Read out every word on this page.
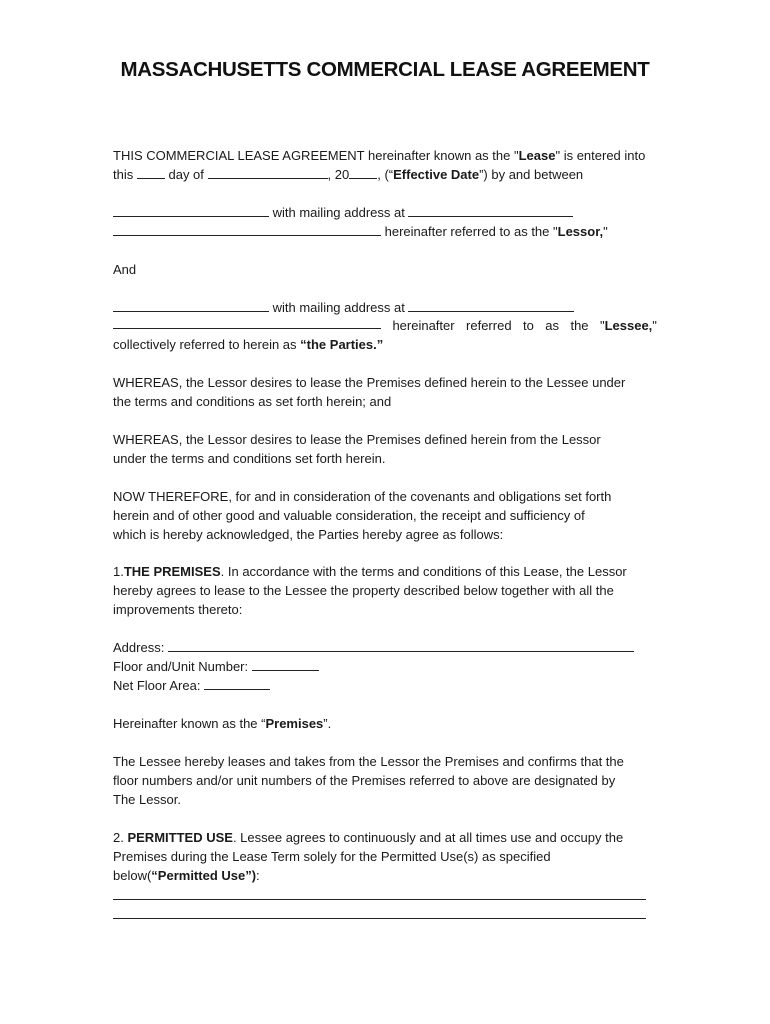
MASSACHUSETTS COMMERCIAL LEASE AGREEMENT
THIS COMMERCIAL LEASE AGREEMENT hereinafter known as the "Lease" is entered into
this	day of	, 20 , (“Effective Date”) by and between
with mailing address at
hereinafter referred to as the "Lessor,"
And
with mailing address at
hereinafter referred to as the "Lessee,"
collectively referred to herein as “the Parties.”
WHEREAS, the Lessor desires to lease the Premises defined herein to the Lessee under
the terms and conditions as set forth herein; and
WHEREAS, the Lessor desires to lease the Premises defined herein from the Lessor
under the terms and conditions set forth herein.
NOW THEREFORE, for and in consideration of the covenants and obligations set forth
herein and of other good and valuable consideration, the receipt and sufficiency of
which is hereby acknowledged, the Parties hereby agree as follows:
1.THE PREMISES. In accordance with the terms and conditions of this Lease, the Lessor
hereby agrees to lease to the Lessee the property described below together with all the
improvements thereto:
Address:
Floor and/Unit Number:
Net Floor Area:
Hereinafter known as the “Premises”.
The Lessee hereby leases and takes from the Lessor the Premises and confirms that the
floor numbers and/or unit numbers of the Premises referred to above are designated by
The Lessor.
2. PERMITTED USE. Lessee agrees to continuously and at all times use and occupy the
Premises during the Lease Term solely for the Permitted Use(s) as specified
below(“Permitted Use”):
